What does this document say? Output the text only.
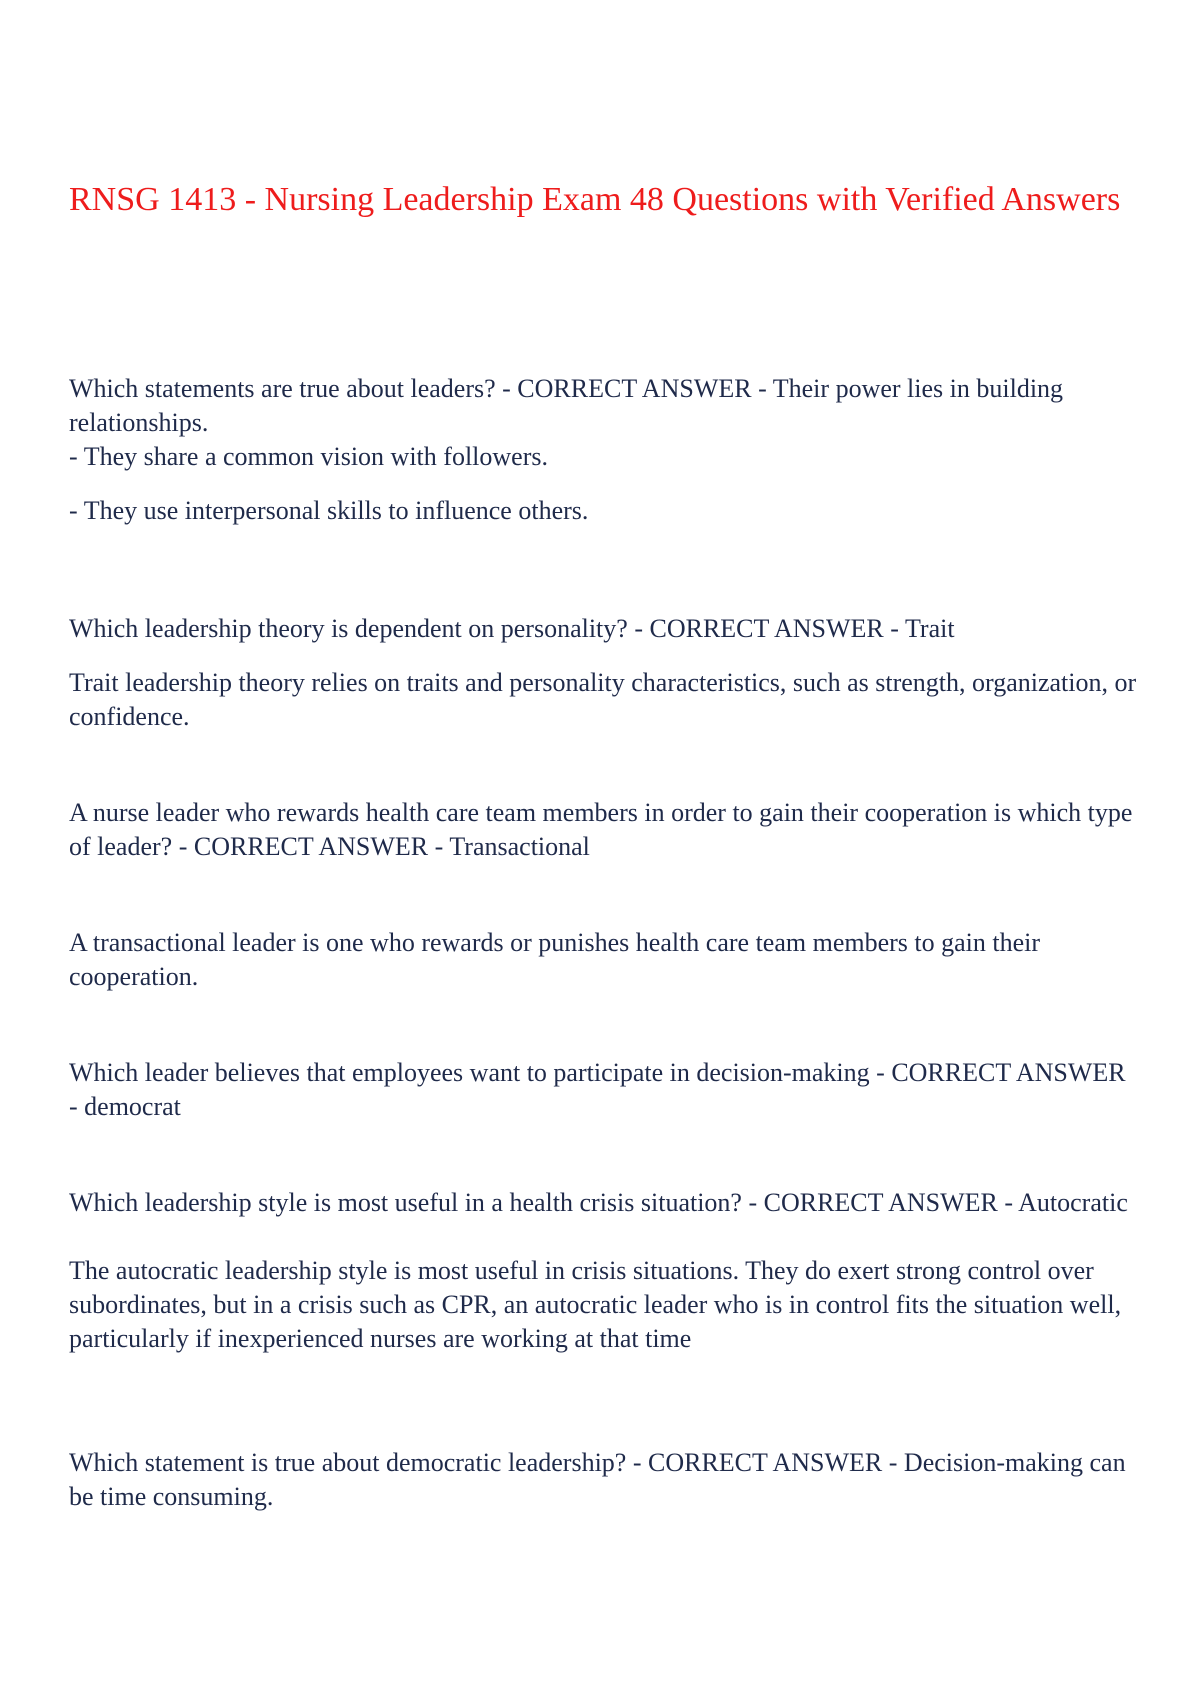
RNSG 1413 - Nursing Leadership Exam 48 Questions with Verified Answers

Which statements are true about leaders? - CORRECT ANSWER - Their power lies in building relationships.

- They share a common vision with followers.

- They use interpersonal skills to influence others.

Which leadership theory is dependent on personality? - CORRECT ANSWER - Trait

Trait leadership theory relies on traits and personality characteristics, such as strength, organization, or confidence.

A nurse leader who rewards health care team members in order to gain their cooperation is which type of leader? - CORRECT ANSWER - Transactional

A transactional leader is one who rewards or punishes health care team members to gain their cooperation.

Which leader believes that employees want to participate in decision-making - CORRECT ANSWER - democrat

Which leadership style is most useful in a health crisis situation? - CORRECT ANSWER - Autocratic

The autocratic leadership style is most useful in crisis situations. They do exert strong control over subordinates, but in a crisis such as CPR, an autocratic leader who is in control fits the situation well, particularly if inexperienced nurses are working at that time

Which statement is true about democratic leadership? - CORRECT ANSWER - Decision-making can be time consuming.
